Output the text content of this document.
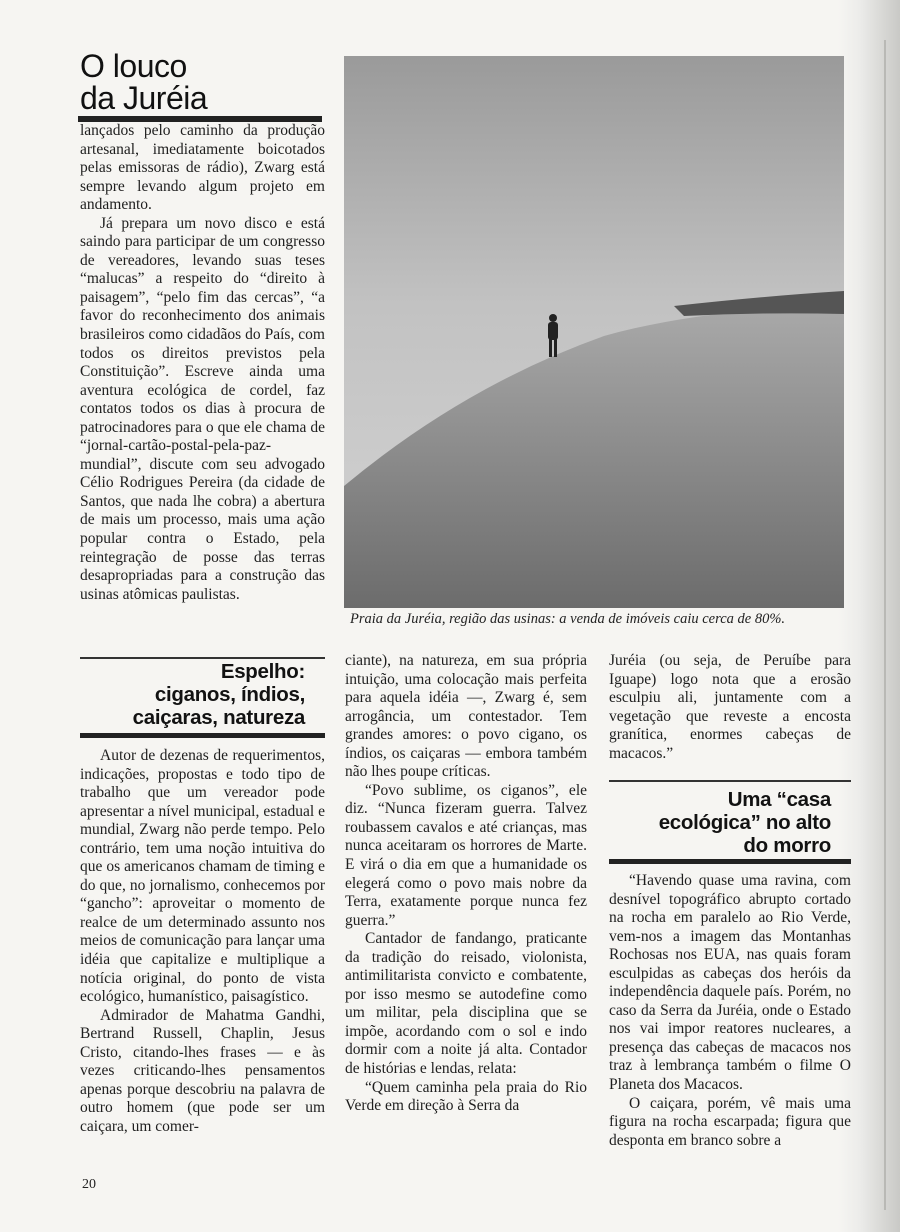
O louco
da Juréia

lançados pelo caminho da produção artesanal, imediatamente boicotados pelas emissoras de rádio), Zwarg está sempre levando algum projeto em andamento.

Já prepara um novo disco e está saindo para participar de um congresso de vereadores, levando suas teses “malucas” a respeito do “direito à paisagem”, “pelo fim das cercas”, “a favor do reconhecimento dos animais brasileiros como cidadãos do País, com todos os direitos previstos pela Constituição”. Escreve ainda uma aventura ecológica de cordel, faz contatos todos os dias à procura de patrocinadores para o que ele chama de “jornal-cartão-postal-pela-paz-mundial”, discute com seu advogado Célio Rodrigues Pereira (da cidade de Santos, que nada lhe cobra) a abertura de mais um processo, mais uma ação popular contra o Estado, pela reintegração de posse das terras desapropriadas para a construção das usinas atômicas paulistas.

Praia da Juréia, região das usinas: a venda de imóveis caiu cerca de 80%.

Espelho:
ciganos, índios,
caiçaras, natureza

Autor de dezenas de requerimentos, indicações, propostas e todo tipo de trabalho que um vereador pode apresentar a nível municipal, estadual e mundial, Zwarg não perde tempo. Pelo contrário, tem uma noção intuitiva do que os americanos chamam de timing e do que, no jornalismo, conhecemos por “gancho”: aproveitar o momento de realce de um determinado assunto nos meios de comunicação para lançar uma idéia que capitalize e multiplique a notícia original, do ponto de vista ecológico, humanístico, paisagístico.

Admirador de Mahatma Gandhi, Bertrand Russell, Chaplin, Jesus Cristo, citando-lhes frases — e às vezes criticando-lhes pensamentos apenas porque descobriu na palavra de outro homem (que pode ser um caiçara, um comer-

ciante), na natureza, em sua própria intuição, uma colocação mais perfeita para aquela idéia —, Zwarg é, sem arrogância, um contestador. Tem grandes amores: o povo cigano, os índios, os caiçaras — embora também não lhes poupe críticas.

“Povo sublime, os ciganos”, ele diz. “Nunca fizeram guerra. Talvez roubassem cavalos e até crianças, mas nunca aceitaram os horrores de Marte. E virá o dia em que a humanidade os elegerá como o povo mais nobre da Terra, exatamente porque nunca fez guerra.”

Cantador de fandango, praticante da tradição do reisado, violonista, antimilitarista convicto e combatente, por isso mesmo se autodefine como um militar, pela disciplina que se impõe, acordando com o sol e indo dormir com a noite já alta. Contador de histórias e lendas, relata:

“Quem caminha pela praia do Rio Verde em direção à Serra da

Juréia (ou seja, de Peruíbe para Iguape) logo nota que a erosão esculpiu ali, juntamente com a vegetação que reveste a encosta granítica, enormes cabeças de macacos.”

Uma “casa
ecológica” no alto
do morro

“Havendo quase uma ravina, com desnível topográfico abrupto cortado na rocha em paralelo ao Rio Verde, vem-nos a imagem das Montanhas Rochosas nos EUA, nas quais foram esculpidas as cabeças dos heróis da independência daquele país. Porém, no caso da Serra da Juréia, onde o Estado nos vai impor reatores nucleares, a presença das cabeças de macacos nos traz à lembrança também o filme O Planeta dos Macacos.

O caiçara, porém, vê mais uma figura na rocha escarpada; figura que desponta em branco sobre a

20
